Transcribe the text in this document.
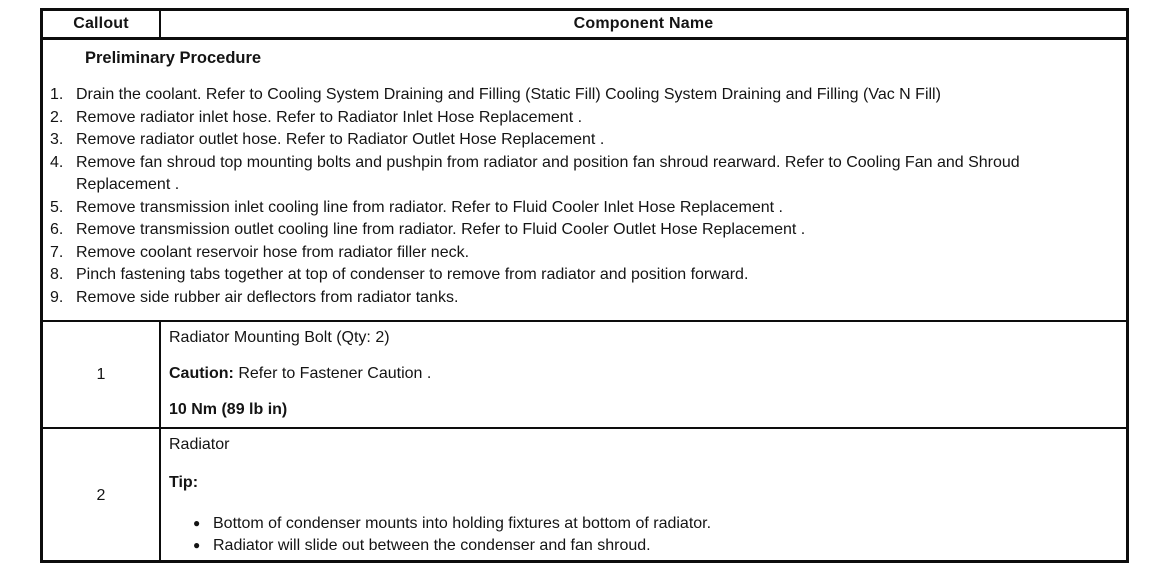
Callout	Component Name
Preliminary Procedure
1. Drain the coolant. Refer to Cooling System Draining and Filling (Static Fill) Cooling System Draining and Filling (Vac N Fill)
2. Remove radiator inlet hose. Refer to Radiator Inlet Hose Replacement .
3. Remove radiator outlet hose. Refer to Radiator Outlet Hose Replacement .
4. Remove fan shroud top mounting bolts and pushpin from radiator and position fan shroud rearward. Refer to Cooling Fan and Shroud Replacement .
5. Remove transmission inlet cooling line from radiator. Refer to Fluid Cooler Inlet Hose Replacement .
6. Remove transmission outlet cooling line from radiator. Refer to Fluid Cooler Outlet Hose Replacement .
7. Remove coolant reservoir hose from radiator filler neck.
8. Pinch fastening tabs together at top of condenser to remove from radiator and position forward.
9. Remove side rubber air deflectors from radiator tanks.
1
Radiator Mounting Bolt (Qty: 2)
Caution: Refer to Fastener Caution .
10 Nm (89 lb in)
2
Radiator
Tip:
● Bottom of condenser mounts into holding fixtures at bottom of radiator.
● Radiator will slide out between the condenser and fan shroud.
